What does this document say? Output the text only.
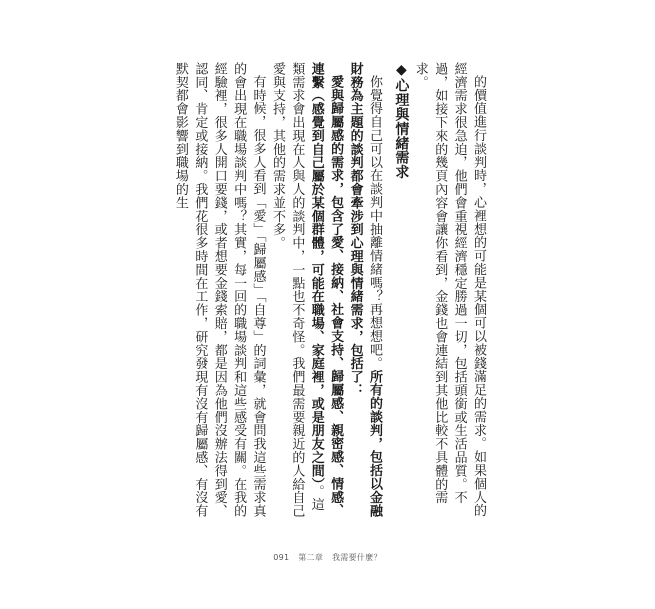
的價值進行談判時，心裡想的可能是某個可以被錢滿足的需求。如果個人的經濟需求很急迫，他們會重視經濟穩定勝過一切，包括頭銜或生活品質。不過，如接下來的幾頁內容會讓你看到，金錢也會連結到其他比較不具體的需求。

◆心理與情緒需求

你覺得自己可以在談判中抽離情緒嗎？再想想吧。所有的談判，包括以金融財務為主題的談判都會牽涉到心理與情緒需求，包括了：

愛與歸屬感的需求，包含了愛、接納、社會支持、歸屬感、親密感、情感、連繫（感覺到自己屬於某個群體，可能在職場、家庭裡，或是朋友之間）。這類需求會出現在人與人的談判中，一點也不奇怪。我們最需要親近的人給自己愛與支持，其他的需求並不多。

有時候，很多人看到「愛」「歸屬感」「自尊」的詞彙，就會問我這些需求真的會出現在職場談判中嗎？其實，每一回的職場談判和這些感受有關。在我的經驗裡，很多人開口要錢，或者想要金錢索賠，都是因為他們沒辦法得到愛、認同、肯定或接納。我們花很多時間在工作，研究發現有沒有歸屬感、有沒有默契都會影響到職場的生

091 第二章 我需要什麼？
